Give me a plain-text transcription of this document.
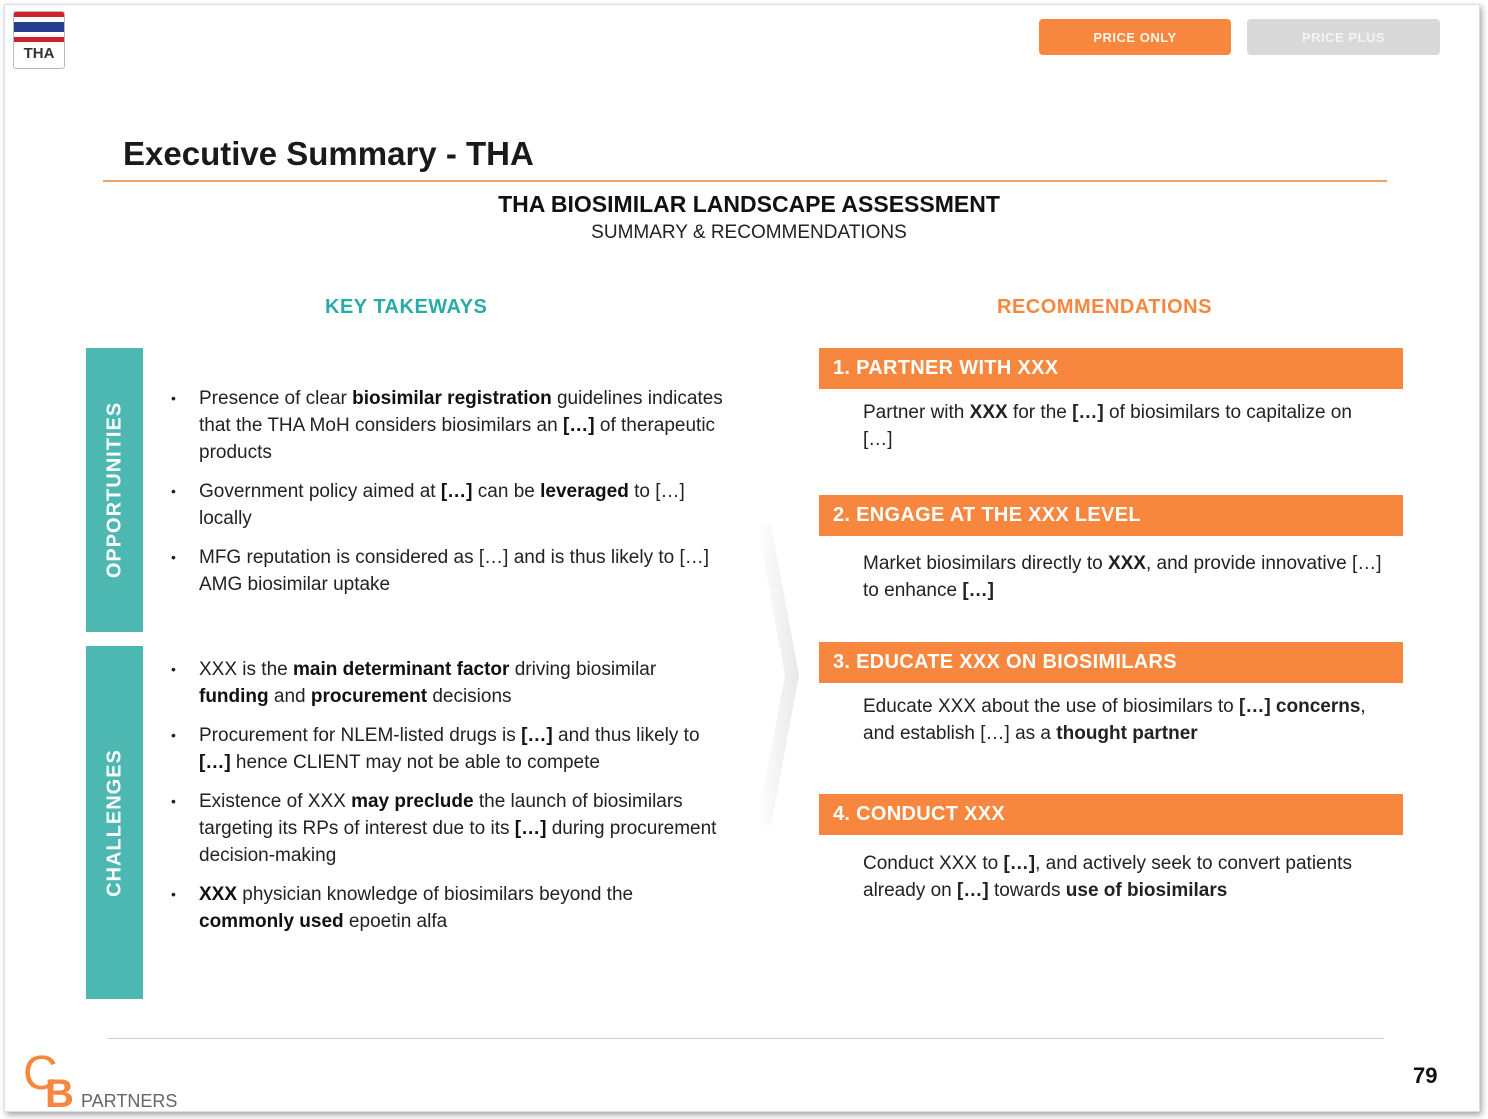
THA
PRICE ONLY	PRICE PLUS
Executive Summary - THA
THA BIOSIMILAR LANDSCAPE ASSESSMENT
SUMMARY & RECOMMENDATIONS
KEY TAKEWAYS	RECOMMENDATIONS
OPPORTUNITIES
CHALLENGES
•	Presence of clear biosimilar registration guidelines indicates that the THA MoH considers biosimilars an […] of therapeutic products
•	Government policy aimed at […] can be leveraged to […] locally
•	MFG reputation is considered as […] and is thus likely to […] AMG biosimilar uptake
•	XXX is the main determinant factor driving biosimilar funding and procurement decisions
•	Procurement for NLEM-listed drugs is […] and thus likely to […] hence CLIENT may not be able to compete
•	Existence of XXX may preclude the launch of biosimilars targeting its RPs of interest due to its […] during procurement decision-making
•	XXX physician knowledge of biosimilars beyond the commonly used epoetin alfa
1. PARTNER WITH XXX
Partner with XXX for the […] of biosimilars to capitalize on […]
2. ENGAGE AT THE XXX LEVEL
Market biosimilars directly to XXX, and provide innovative […] to enhance […]
3. EDUCATE XXX ON BIOSIMILARS
Educate XXX about the use of biosimilars to […] concerns, and establish […] as a thought partner
4. CONDUCT XXX
Conduct XXX to […], and actively seek to convert patients already on […] towards use of biosimilars
C
B PARTNERS
79
